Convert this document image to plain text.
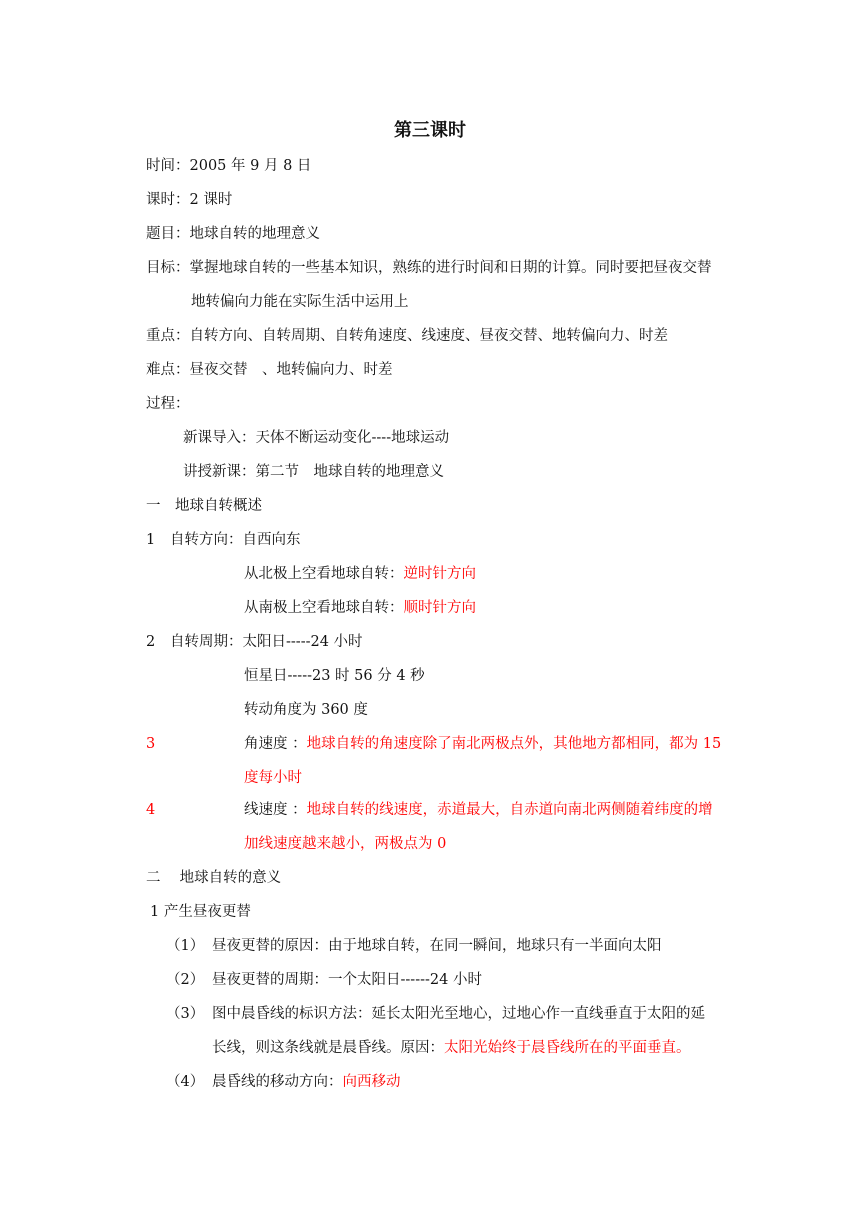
第三课时
时间：2005 年 9 月 8 日
课时：2 课时
题目：地球自转的地理意义
目标：掌握地球自转的一些基本知识，熟练的进行时间和日期的计算。同时要把昼夜交替
地转偏向力能在实际生活中运用上
重点：自转方向、自转周期、自转角速度、线速度、昼夜交替、地转偏向力、时差
难点：昼夜交替　、地转偏向力、时差
过程：
新课导入：天体不断运动变化----地球运动
讲授新课：第二节　地球自转的地理意义
一　地球自转概述
1 自转方向：自西向东
从北极上空看地球自转：逆时针方向
从南极上空看地球自转：顺时针方向
2 自转周期：太阳日-----24 小时
恒星日-----23 时 56 分 4 秒
转动角度为 360 度
3	角速度 ：地球自转的角速度除了南北两极点外，其他地方都相同，都为 15
度每小时
4	线速度 ：地球自转的线速度，赤道最大，自赤道向南北两侧随着纬度的增
加线速度越来越小，两极点为 0
二　 地球自转的意义
1 产生昼夜更替
（1） 昼夜更替的原因：由于地球自转，在同一瞬间，地球只有一半面向太阳
（2） 昼夜更替的周期：一个太阳日------24 小时
（3） 图中晨昏线的标识方法：延长太阳光至地心，过地心作一直线垂直于太阳的延
长线，则这条线就是晨昏线。原因：太阳光始终于晨昏线所在的平面垂直。
（4） 晨昏线的移动方向：向西移动
